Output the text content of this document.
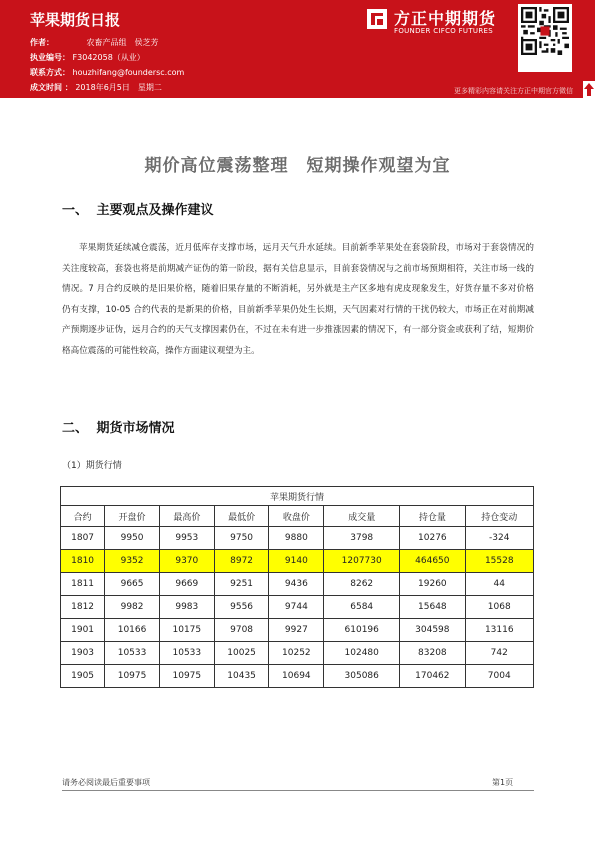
苹果期货日报
作者：	农畜产品组　侯芝芳
执业编号： F3042058（从业）
联系方式： houzhifang@foundersc.com
成文时间 ： 2018年6月5日　星期二
方正中期期货
FOUNDER CIFCO FUTURES
更多精彩内容请关注方正中期官方微信
期价高位震荡整理　短期操作观望为宜
一、 主要观点及操作建议
苹果期货延续减仓震荡，近月低库存支撑市场，远月天气升水延续。目前新季苹果处在套袋阶段，市场对于套袋情况的关注度较高，套袋也将是前期减产证伪的第一阶段，据有关信息显示，目前套袋情况与之前市场预期相符，关注市场一线的情况。7 月合约反映的是旧果价格，随着旧果存量的不断消耗，另外就是主产区多地有虎皮现象发生，好货存量不多对价格仍有支撑，10-05 合约代表的是新果的价格，目前新季苹果仍处生长期，天气因素对行情的干扰仍较大，市场正在对前期减产预期逐步证伪，远月合约的天气支撑因素仍在，不过在未有进一步推涨因素的情况下，有一部分资金或获利了结，短期价格高位震荡的可能性较高，操作方面建议观望为主。
二、 期货市场情况
（1）期货行情
苹果期货行情							
合约	开盘价	最高价	最低价	收盘价	成交量	持仓量	持仓变动
1807	9950	9953	9750	9880	3798	10276	-324
1810	9352	9370	8972	9140	1207730	464650	15528
1811	9665	9669	9251	9436	8262	19260	44
1812	9982	9983	9556	9744	6584	15648	1068
1901	10166	10175	9708	9927	610196	304598	13116
1903	10533	10533	10025	10252	102480	83208	742
1905	10975	10975	10435	10694	305086	170462	7004
请务必阅读最后重要事项	第1页
